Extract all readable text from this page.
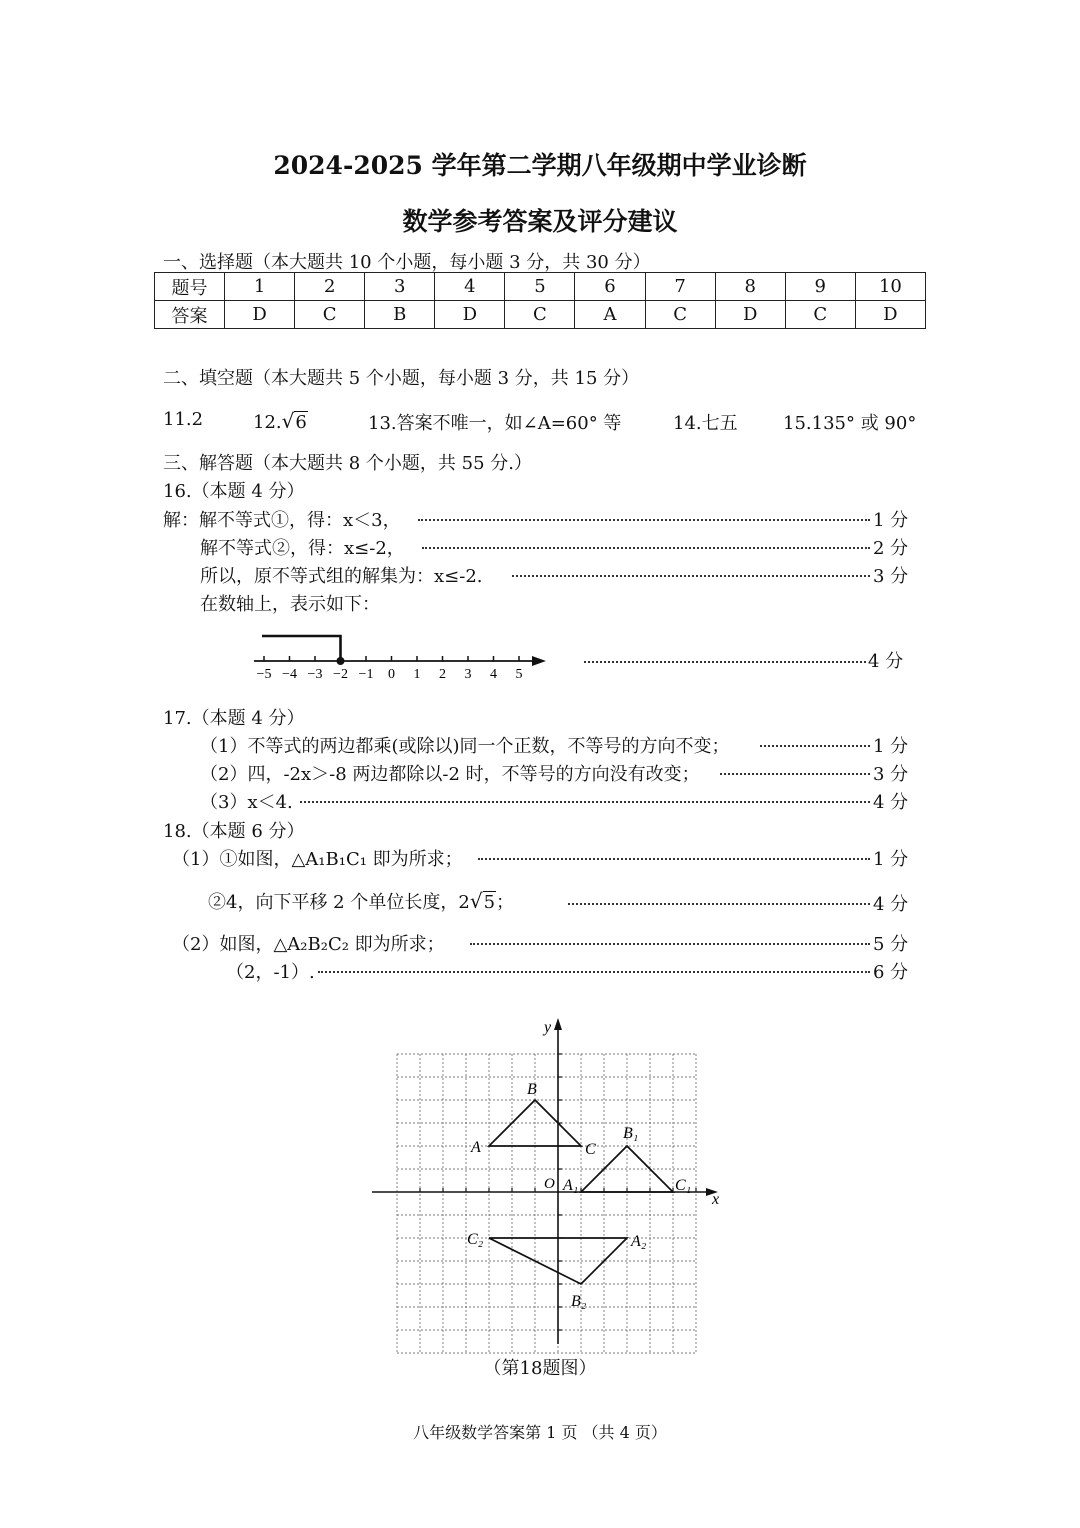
2024-2025 学年第二学期八年级期中学业诊断
数学参考答案及评分建议
一、选择题（本大题共 10 个小题，每小题 3 分，共 30 分）
题号	1	2	3	4	5	6	7	8	9	10
答案	D	C	B	D	C	A	C	D	C	D
二、填空题（本大题共 5 个小题，每小题 3 分，共 15 分）
11.2	12.√6	13.答案不唯一，如∠A=60° 等	14.七五	15.135° 或 90°
三、解答题（本大题共 8 个小题，共 55 分.）
16.（本题 4 分）
解：解不等式①，得：x＜3，	1 分
解不等式②，得：x≤-2，	2 分
所以，原不等式组的解集为：x≤-2.	3 分
在数轴上，表示如下：
−5 −4 −3 −2 −1 0 1 2 3 4 5
4 分
17.（本题 4 分）
（1）不等式的两边都乘(或除以)同一个正数，不等号的方向不变；	1 分
（2）四，-2x＞-8 两边都除以-2 时，不等号的方向没有改变；	3 分
（3）x＜4.	4 分
18.（本题 6 分）
（1）①如图，△A₁B₁C₁ 即为所求；	1 分
②4，向下平移 2 个单位长度，2√5；	4 分
（2）如图，△A₂B₂C₂ 即为所求；	5 分
（2，-1）.	6 分
x
y
O
A
B
C
A₁
B₁
C₁
C₂	A₂
B₂
（第18题图）
八年级数学答案第 1 页 （共 4 页）
